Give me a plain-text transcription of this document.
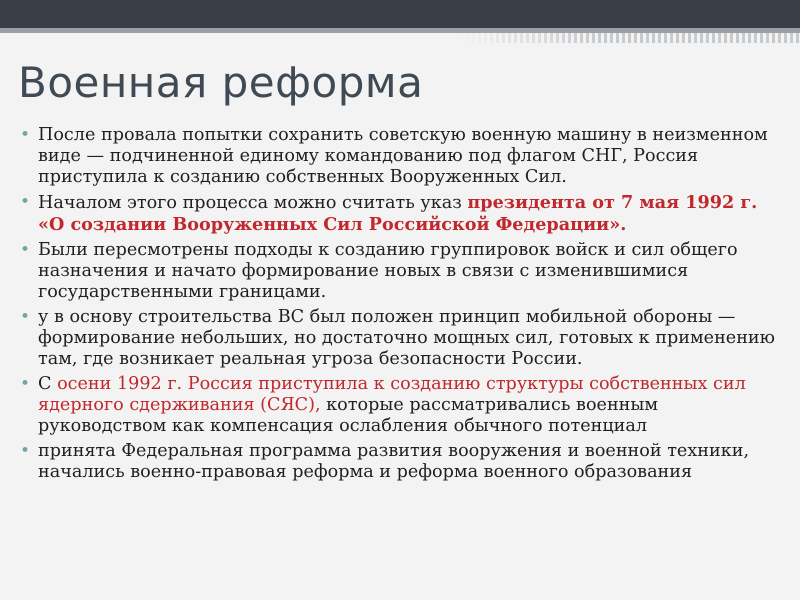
Военная реформа
• После провала попытки сохранить советскую военную машину в неизменном виде — подчиненной единому командованию под флагом СНГ, Россия приступила к созданию собственных Вооруженных Сил.
• Началом этого процесса можно считать указ президента от 7 мая 1992 г. «О создании Вооруженных Сил Российской Федерации».
• Были пересмотрены подходы к созданию группировок войск и сил общего назначения и начато формирование новых в связи с изменившимися государственными границами.
• у в основу строительства ВС был положен принцип мобильной обороны — формирование небольших, но достаточно мощных сил, готовых к применению там, где возникает реальная угроза безопасности России.
• С осени 1992 г. Россия приступила к созданию структуры собственных сил ядерного сдерживания (СЯС), которые рассматривались военным руководством как компенсация ослабления обычного потенциал
• принята Федеральная программа развития вооружения и военной техники, начались военно-правовая реформа и реформа военного образования
